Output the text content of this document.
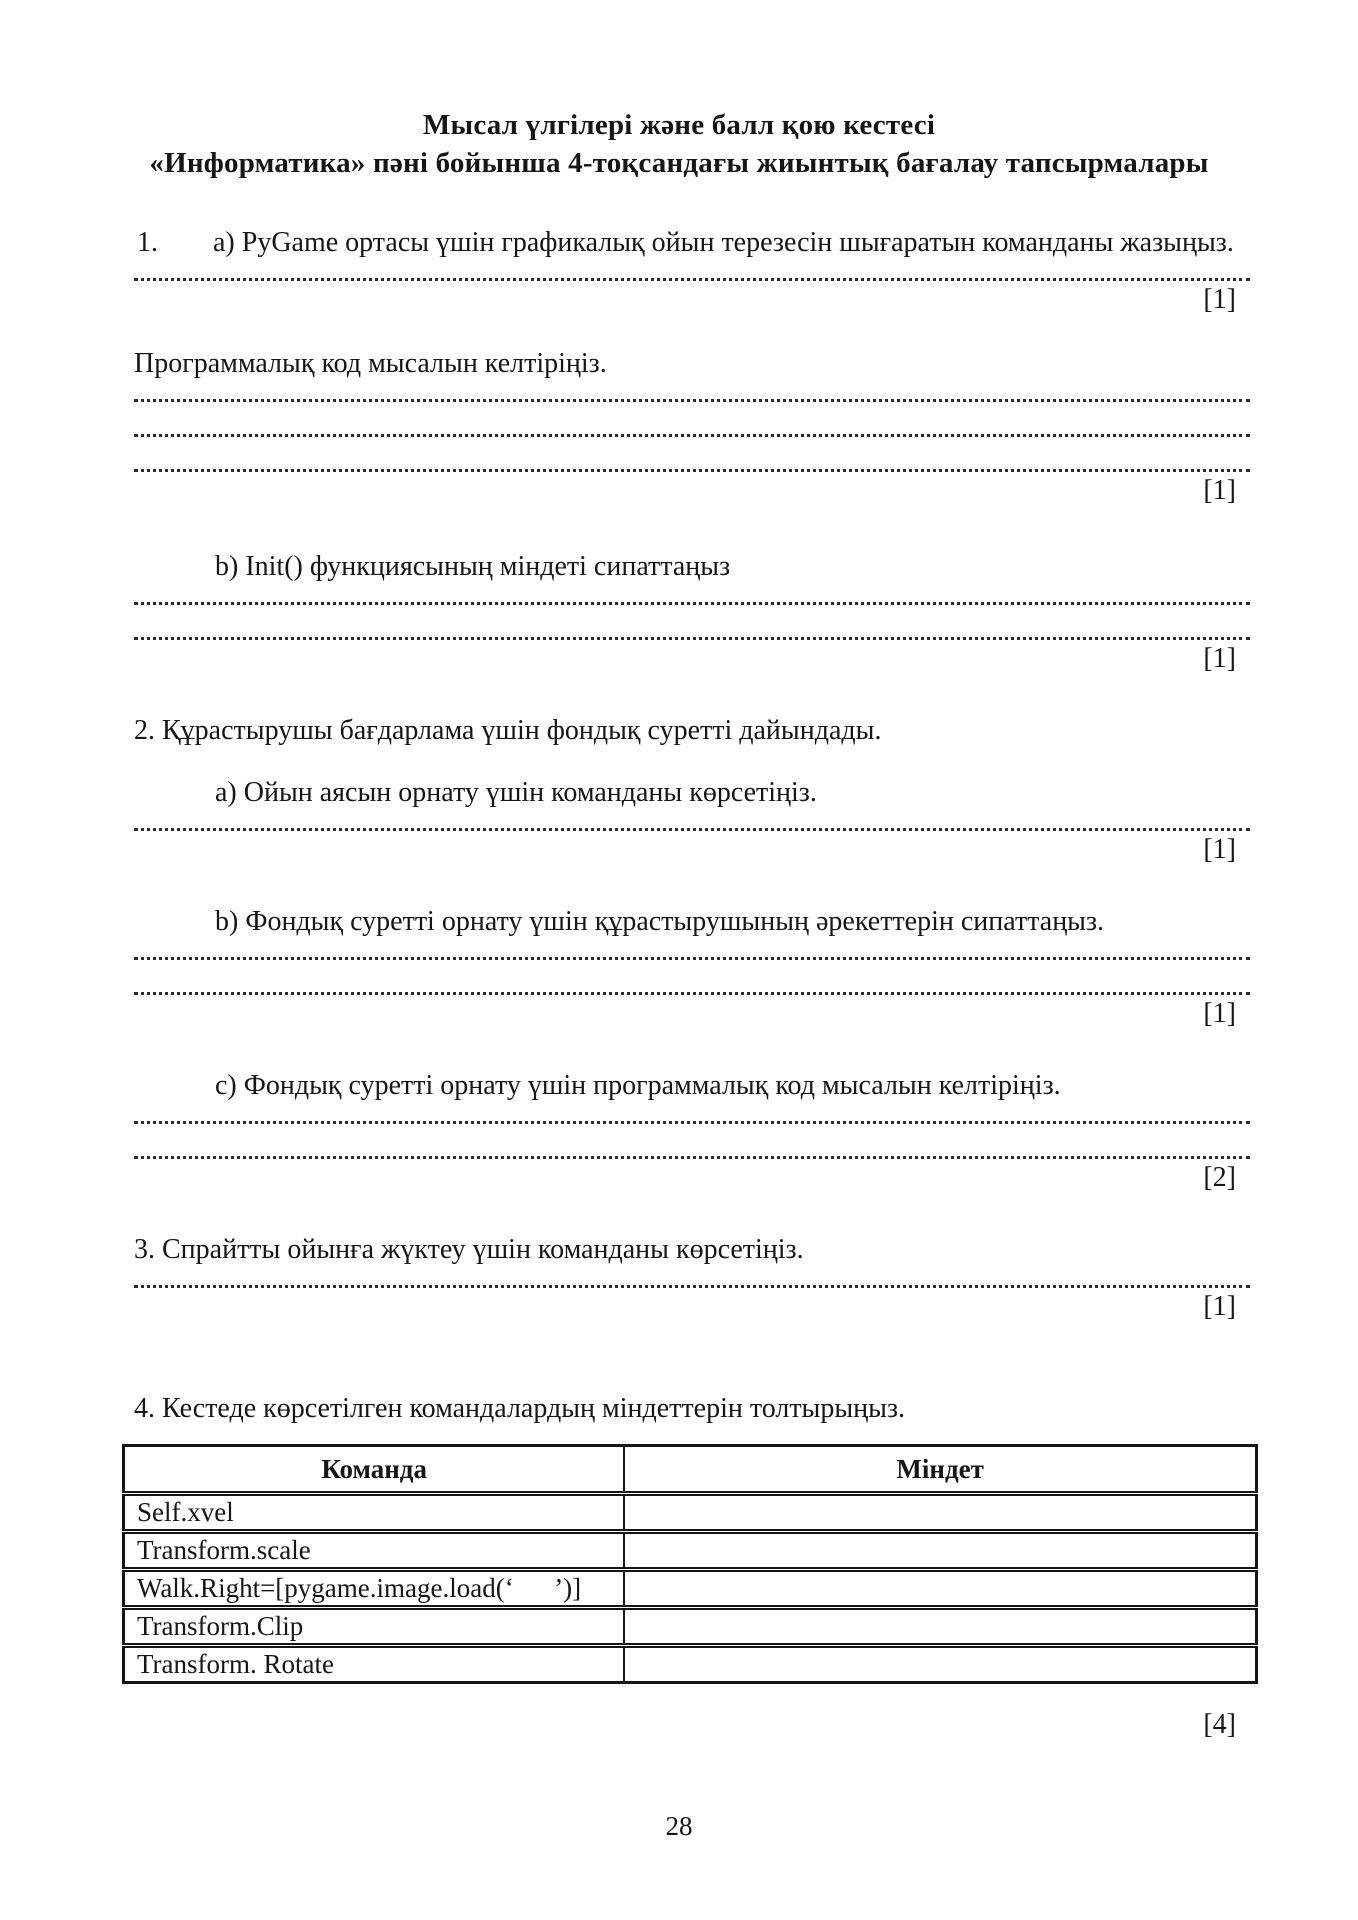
Мысал үлгілері және балл қою кестесі
«Информатика» пәні бойынша 4-тоқсандағы жиынтық бағалау тапсырмалары
1. a) PyGame ортасы үшін графикалық ойын терезесін шығаратын команданы жазыңыз.
[1]
Программалық код мысалын келтіріңіз.
[1]
b) Init() функциясының міндеті сипаттаңыз
[1]
2. Құрастырушы бағдарлама үшін фондық суретті дайындады.
a) Ойын аясын орнату үшін команданы көрсетіңіз.
[1]
b) Фондық суретті орнату үшін құрастырушының әрекеттерін сипаттаңыз.
[1]
c) Фондық суретті орнату үшін программалық код мысалын келтіріңіз.
[2]
3. Спрайтты ойынға жүктеу үшін команданы көрсетіңіз.
[1]
4. Кестеде көрсетілген командалардың міндеттерін толтырыңыз.
Команда	Міндет
Self.xvel	
Transform.scale	
Walk.Right=[pygame.image.load(‘      ’)]	
Transform.Clip	
Transform. Rotate	
[4]
28
